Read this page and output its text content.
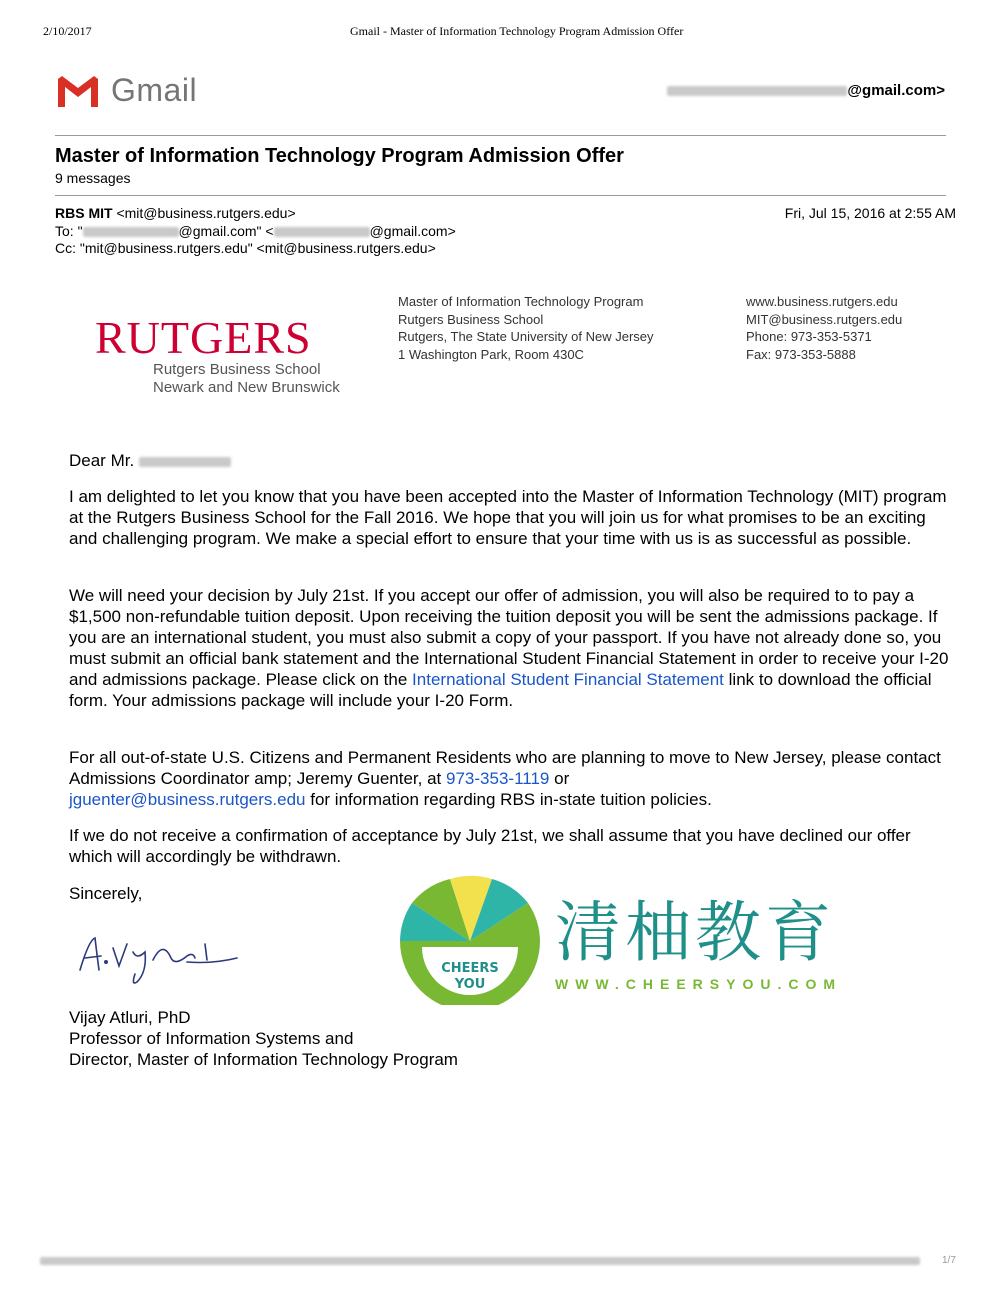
2/10/2017	Gmail - Master of Information Technology Program Admission Offer
Gmail	@gmail.com>
Master of Information Technology Program Admission Offer
9 messages
RBS MIT <mit@business.rutgers.edu>	Fri, Jul 15, 2016 at 2:55 AM
To: "	@gmail.com" <	@gmail.com>
Cc: "mit@business.rutgers.edu" <mit@business.rutgers.edu>
RUTGERS
Rutgers Business School
Newark and New Brunswick
Master of Information Technology Program
Rutgers Business School
Rutgers, The State University of New Jersey
1 Washington Park, Room 430C
www.business.rutgers.edu
MIT@business.rutgers.edu
Phone: 973-353-5371
Fax: 973-353-5888
Dear Mr.
I am delighted to let you know that you have been accepted into the Master of Information Technology (MIT) program at the Rutgers Business School for the Fall 2016. We hope that you will join us for what promises to be an exciting and challenging program. We make a special effort to ensure that your time with us is as successful as possible.
We will need your decision by July 21st. If you accept our offer of admission, you will also be required to to pay a $1,500 non-refundable tuition deposit. Upon receiving the tuition deposit you will be sent the admissions package. If you are an international student, you must also submit a copy of your passport. If you have not already done so, you must submit an official bank statement and the International Student Financial Statement in order to receive your I-20 and admissions package. Please click on the International Student Financial Statement link to download the official form. Your admissions package will include your I-20 Form.
For all out-of-state U.S. Citizens and Permanent Residents who are planning to move to New Jersey, please contact Admissions Coordinator amp; Jeremy Guenter, at 973-353-1119 or
jguenter@business.rutgers.edu for information regarding RBS in-state tuition policies.
If we do not receive a confirmation of acceptance by July 21st, we shall assume that you have declined our offer which will accordingly be withdrawn.
Sincerely,
Vijay Atluri, PhD
Professor of Information Systems and
Director, Master of Information Technology Program
CHEERS
YOU
清柚教育
WWW.CHEERSYOU.COM
1/7
